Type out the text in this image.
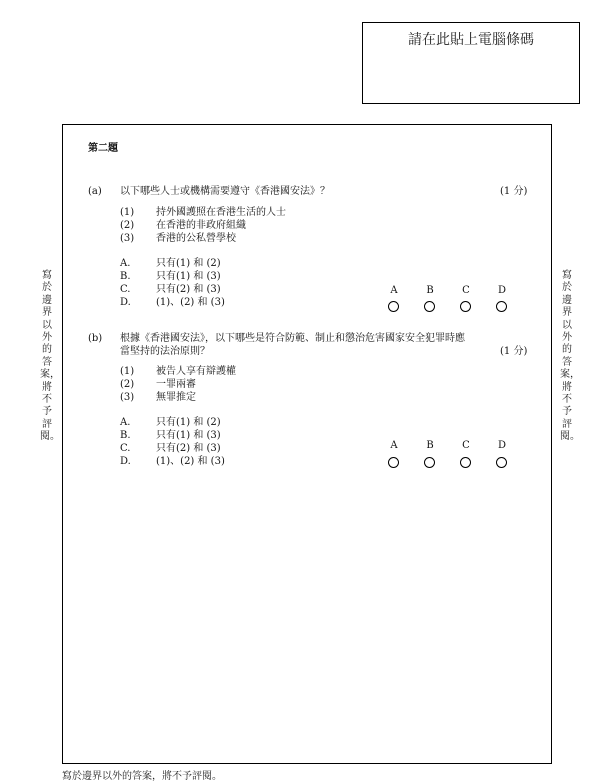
請在此貼上電腦條碼
寫於邊界以外的答案，將不予評閱。
寫於邊界以外的答案，將不予評閱。
第二題
(a) 以下哪些人士或機構需要遵守《香港國安法》？	(1 分)
(1) 持外國護照在香港生活的人士
(2) 在香港的非政府組織
(3) 香港的公私營學校
A.	只有(1) 和 (2)
B.	只有(1) 和 (3)
C.	只有(2) 和 (3)
D.	(1)、(2) 和 (3)
A	B	C	D
(b) 根據《香港國安法》，以下哪些是符合防範、制止和懲治危害國家安全犯罪時應
當堅持的法治原則？	(1 分)
(1) 被告人享有辯護權
(2) 一罪兩審
(3) 無罪推定
A.	只有(1) 和 (2)
B.	只有(1) 和 (3)
C.	只有(2) 和 (3)
D.	(1)、(2) 和 (3)
A	B	C	D
寫於邊界以外的答案，將不予評閱。
